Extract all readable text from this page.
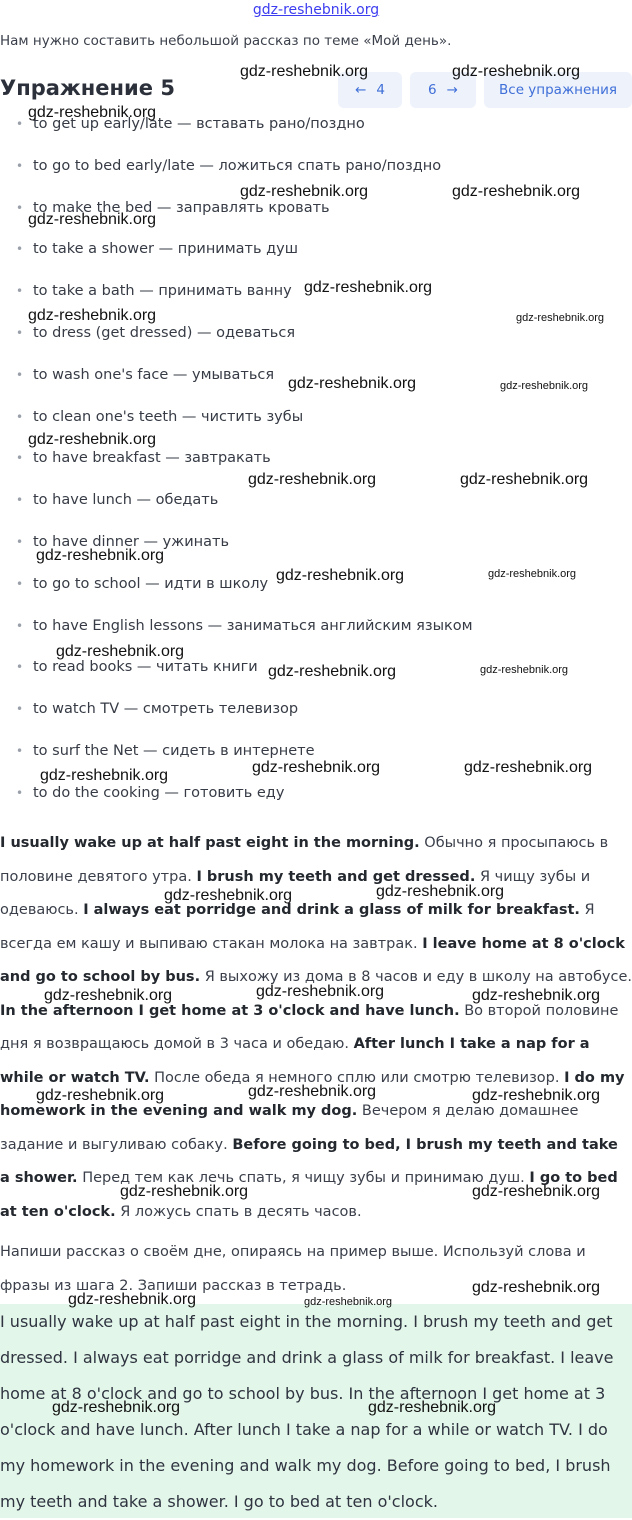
gdz-reshebnik.org
Нам нужно составить небольшой рассказ по теме «Мой день».
Упражнение 5	← 4	6 →	Все упражнения
• to get up early/late — вставать рано/поздно
• to go to bed early/late — ложиться спать рано/поздно
• to make the bed — заправлять кровать
• to take a shower — принимать душ
• to take a bath — принимать ванну
• to dress (get dressed) — одеваться
• to wash one's face — умываться
• to clean one's teeth — чистить зубы
• to have breakfast — завтракать
• to have lunch — обедать
• to have dinner — ужинать
• to go to school — идти в школу
• to have English lessons — заниматься английским языком
• to read books — читать книги
• to watch TV — смотреть телевизор
• to surf the Net — сидеть в интернете
• to do the cooking — готовить еду
I usually wake up at half past eight in the morning. Обычно я просыпаюсь в половине девятого утра. I brush my teeth and get dressed. Я чищу зубы и одеваюсь. I always eat porridge and drink a glass of milk for breakfast. Я всегда ем кашу и выпиваю стакан молока на завтрак. I leave home at 8 o'clock and go to school by bus. Я выхожу из дома в 8 часов и еду в школу на автобусе. In the afternoon I get home at 3 o'clock and have lunch. Во второй половине дня я возвращаюсь домой в 3 часа и обедаю. After lunch I take a nap for a while or watch TV. После обеда я немного сплю или смотрю телевизор. I do my homework in the evening and walk my dog. Вечером я делаю домашнее задание и выгуливаю собаку. Before going to bed, I brush my teeth and take a shower. Перед тем как лечь спать, я чищу зубы и принимаю душ. I go to bed at ten o'clock. Я ложусь спать в десять часов.
Напиши рассказ о своём дне, опираясь на пример выше. Используй слова и фразы из шага 2. Запиши рассказ в тетрадь.
I usually wake up at half past eight in the morning. I brush my teeth and get dressed. I always eat porridge and drink a glass of milk for breakfast. I leave home at 8 o'clock and go to school by bus. In the afternoon I get home at 3 o'clock and have lunch. After lunch I take a nap for a while or watch TV. I do my homework in the evening and walk my dog. Before going to bed, I brush my teeth and take a shower. I go to bed at ten o'clock.
gdz-reshebnik.org	gdz-reshebnik.org
gdz-reshebnik.org
gdz-reshebnik.org	gdz-reshebnik.org
gdz-reshebnik.org
gdz-reshebnik.org
gdz-reshebnik.org	gdz-reshebnik.org
gdz-reshebnik.org	gdz-reshebnik.org
gdz-reshebnik.org
gdz-reshebnik.org	gdz-reshebnik.org
gdz-reshebnik.org
gdz-reshebnik.org	gdz-reshebnik.org
gdz-reshebnik.org
gdz-reshebnik.org	gdz-reshebnik.org
gdz-reshebnik.org	gdz-reshebnik.org
gdz-reshebnik.org
gdz-reshebnik.org
gdz-reshebnik.org
gdz-reshebnik.org
gdz-reshebnik.org	gdz-reshebnik.org
gdz-reshebnik.org
gdz-reshebnik.org	gdz-reshebnik.org
gdz-reshebnik.org	gdz-reshebnik.org
gdz-reshebnik.org
gdz-reshebnik.org	gdz-reshebnik.org
gdz-reshebnik.org	gdz-reshebnik.org
